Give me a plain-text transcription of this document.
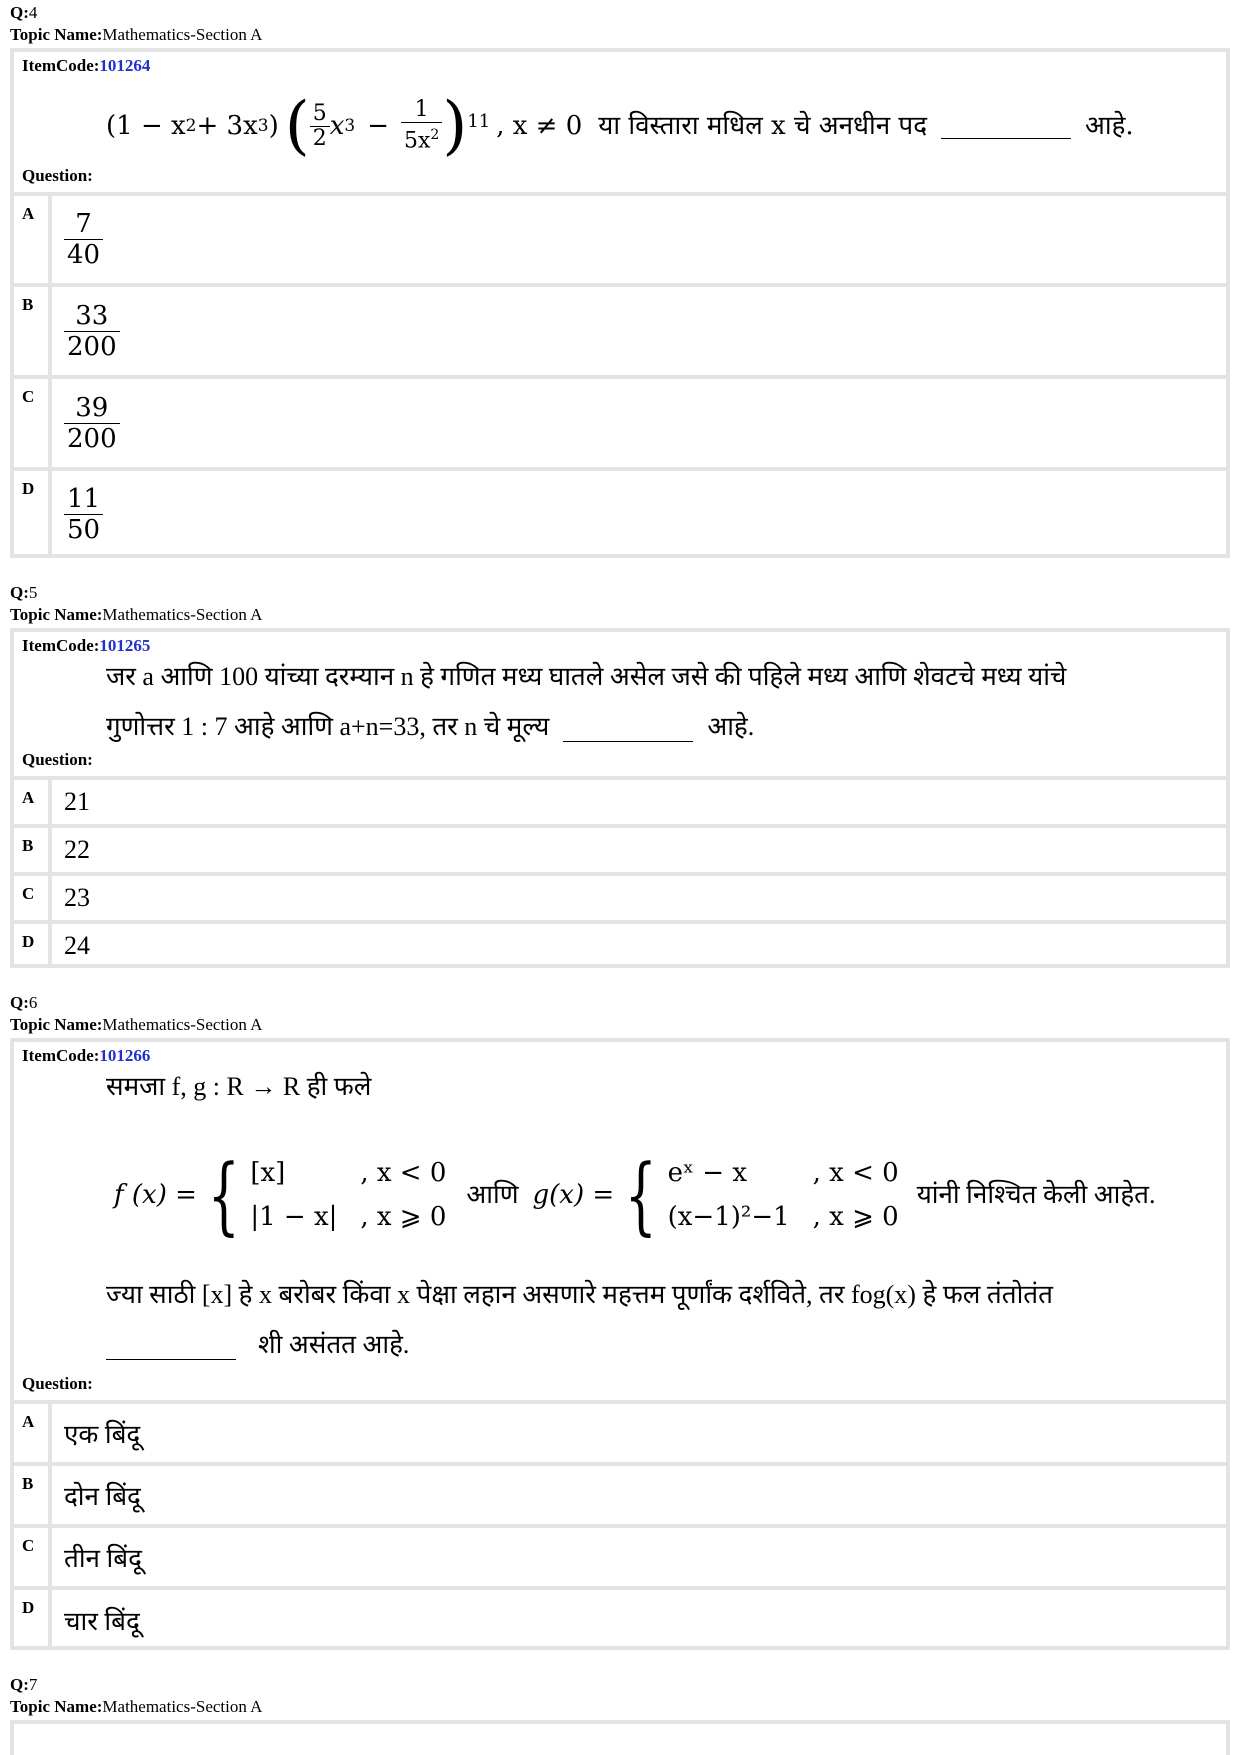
Q:4
Topic Name:Mathematics-Section A
ItemCode:101264
(1 − x 2 + 3x 3 ) ( $\frac{5}{2}$ x $3 - \frac{1}{5x^2}$ ) 11 , x ≠ 0 या विस्तारा मधिल x चे अनधीन पद	आहे.
Question:
A	$\frac{7}{40}$
B	$\frac{33}{200}$
C	$\frac{39}{200}$
D	$\frac{11}{50}$
Q:5
Topic Name:Mathematics-Section A
ItemCode:101265

जर a आणि 100 यांच्या दरम्यान n हे गणित मध्य घातले असेल जसे की पहिले मध्य आणि शेवटचे मध्य यांचे

गुणोत्तर 1 : 7 आहे आणि a+n=33, तर n चे मूल्य	आहे.

Question:
A	21
B	22
C	23
D	24
Q:6
Topic Name:Mathematics-Section A
ItemCode:101266

समजा f, g : R → R ही फले

f (x) = { [x]	, x < 0
|1 − x| , x ⩾ 0
आणि g(x) = { eˣ − x	, x < 0
(x−1)²−1 , x ⩾ 0
यांनी निश्चित केली आहेत.

ज्या साठी [x] हे x बरोबर किंवा x पेक्षा लहान असणारे महत्तम पूर्णांक दर्शविते, तर fog(x) हे फल तंतोतंत

शी असंतत आहे.

Question:
A	एक बिंदू
B	दोन बिंदू
C	तीन बिंदू
D	चार बिंदू
Q:7
Topic Name:Mathematics-Section A
